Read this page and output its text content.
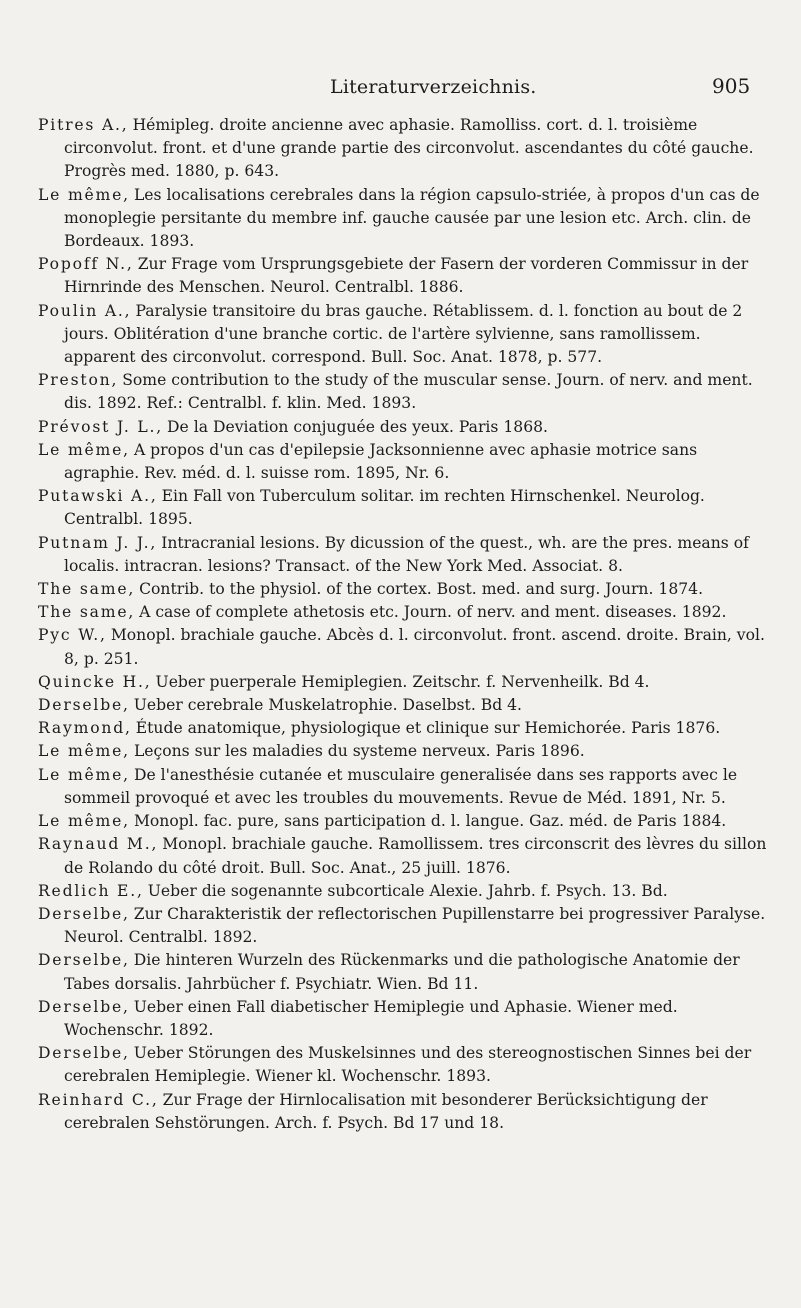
Literaturverzeichnis.	905
Pitres A., Hémipleg. droite ancienne avec aphasie. Ramolliss. cort. d. l. troisième circonvolut. front. et d'une grande partie des circonvolut. ascendantes du côté gauche. Progrès med. 1880, p. 643.
Le même, Les localisations cerebrales dans la région capsulo-striée, à propos d'un cas de monoplegie persitante du membre inf. gauche causée par une lesion etc. Arch. clin. de Bordeaux. 1893.
Popoff N., Zur Frage vom Ursprungsgebiete der Fasern der vorderen Commissur in der Hirnrinde des Menschen. Neurol. Centralbl. 1886.
Poulin A., Paralysie transitoire du bras gauche. Rétablissem. d. l. fonction au bout de 2 jours. Oblitération d'une branche cortic. de l'artère sylvienne, sans ramollissem. apparent des circonvolut. correspond. Bull. Soc. Anat. 1878, p. 577.
Preston, Some contribution to the study of the muscular sense. Journ. of nerv. and ment. dis. 1892. Ref.: Centralbl. f. klin. Med. 1893.
Prévost J. L., De la Deviation conjuguée des yeux. Paris 1868.
Le même, A propos d'un cas d'epilepsie Jacksonnienne avec aphasie motrice sans agraphie. Rev. méd. d. l. suisse rom. 1895, Nr. 6.
Putawski A., Ein Fall von Tuberculum solitar. im rechten Hirnschenkel. Neurolog. Centralbl. 1895.
Putnam J. J., Intracranial lesions. By dicussion of the quest., wh. are the pres. means of localis. intracran. lesions? Transact. of the New York Med. Associat. 8.
The same, Contrib. to the physiol. of the cortex. Bost. med. and surg. Journ. 1874.
The same, A case of complete athetosis etc. Journ. of nerv. and ment. diseases. 1892.
Pyc W., Monopl. brachiale gauche. Abcès d. l. circonvolut. front. ascend. droite. Brain, vol. 8, p. 251.
Quincke H., Ueber puerperale Hemiplegien. Zeitschr. f. Nervenheilk. Bd 4.
Derselbe, Ueber cerebrale Muskelatrophie. Daselbst. Bd 4.
Raymond, Étude anatomique, physiologique et clinique sur Hemichorée. Paris 1876.
Le même, Leçons sur les maladies du systeme nerveux. Paris 1896.
Le même, De l'anesthésie cutanée et musculaire generalisée dans ses rapports avec le sommeil provoqué et avec les troubles du mouvements. Revue de Méd. 1891, Nr. 5.
Le même, Monopl. fac. pure, sans participation d. l. langue. Gaz. méd. de Paris 1884.
Raynaud M., Monopl. brachiale gauche. Ramollissem. tres circonscrit des lèvres du sillon de Rolando du côté droit. Bull. Soc. Anat., 25 juill. 1876.
Redlich E., Ueber die sogenannte subcorticale Alexie. Jahrb. f. Psych. 13. Bd.
Derselbe, Zur Charakteristik der reflectorischen Pupillenstarre bei progressiver Paralyse. Neurol. Centralbl. 1892.
Derselbe, Die hinteren Wurzeln des Rückenmarks und die pathologische Anatomie der Tabes dorsalis. Jahrbücher f. Psychiatr. Wien. Bd 11.
Derselbe, Ueber einen Fall diabetischer Hemiplegie und Aphasie. Wiener med. Wochenschr. 1892.
Derselbe, Ueber Störungen des Muskelsinnes und des stereognostischen Sinnes bei der cerebralen Hemiplegie. Wiener kl. Wochenschr. 1893.
Reinhard C., Zur Frage der Hirnlocalisation mit besonderer Berücksichtigung der cerebralen Sehstörungen. Arch. f. Psych. Bd 17 und 18.
